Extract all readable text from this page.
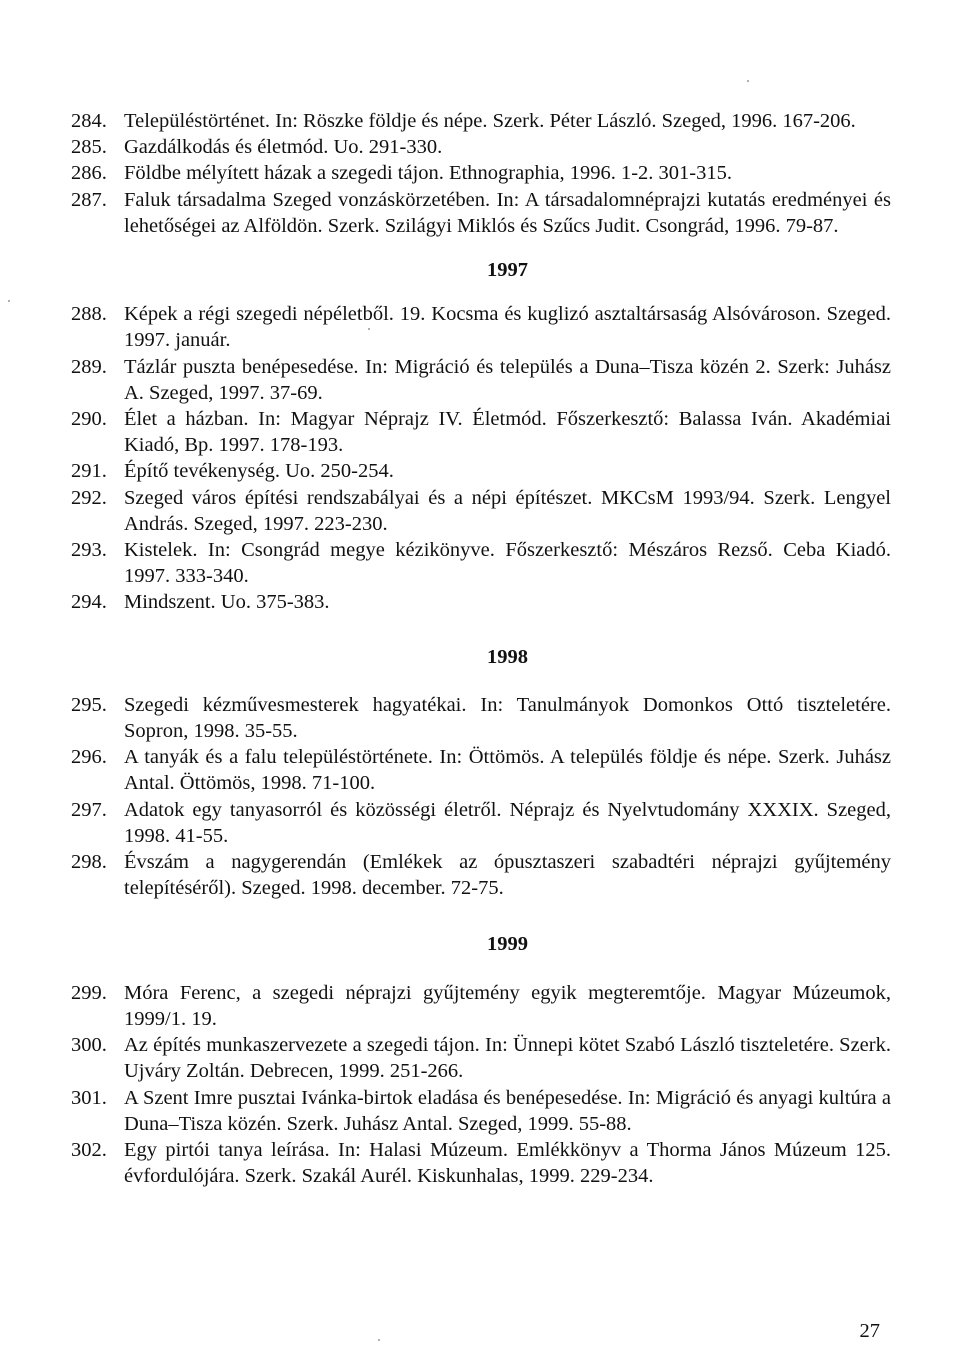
284. Településtörténet. In: Röszke földje és népe. Szerk. Péter László. Szeged, 1996. 167-206.
285. Gazdálkodás és életmód. Uo. 291-330.
286. Földbe mélyített házak a szegedi tájon. Ethnographia, 1996. 1-2. 301-315.
287. Faluk társadalma Szeged vonzáskörzetében. In: A társadalomnéprajzi kutatás eredményei és lehetőségei az Alföldön. Szerk. Szilágyi Miklós és Szűcs Judit. Csongrád, 1996. 79-87.
1997
288. Képek a régi szegedi népéletből. 19. Kocsma és kuglizó asztaltársaság Alsóvároson. Szeged. 1997. január.
289. Tázlár puszta benépesedése. In: Migráció és település a Duna–Tisza közén 2. Szerk: Juhász A. Szeged, 1997. 37-69.
290. Élet a házban. In: Magyar Néprajz IV. Életmód. Főszerkesztő: Balassa Iván. Akadémiai Kiadó, Bp. 1997. 178-193.
291. Építő tevékenység. Uo. 250-254.
292. Szeged város építési rendszabályai és a népi építészet. MKCsM 1993/94. Szerk. Lengyel András. Szeged, 1997. 223-230.
293. Kistelek. In: Csongrád megye kézikönyve. Főszerkesztő: Mészáros Rezső. Ceba Kiadó. 1997. 333-340.
294. Mindszent. Uo. 375-383.
1998
295. Szegedi kézművesmesterek hagyatékai. In: Tanulmányok Domonkos Ottó tiszteletére. Sopron, 1998. 35-55.
296. A tanyák és a falu településtörténete. In: Öttömös. A település földje és népe. Szerk. Juhász Antal. Öttömös, 1998. 71-100.
297. Adatok egy tanyasorról és közösségi életről. Néprajz és Nyelvtudomány XXXIX. Szeged, 1998. 41-55.
298. Évszám a nagygerendán (Emlékek az ópusztaszeri szabadtéri néprajzi gyűjtemény telepítéséről). Szeged. 1998. december. 72-75.
1999
299. Móra Ferenc, a szegedi néprajzi gyűjtemény egyik megteremtője. Magyar Múzeumok, 1999/1. 19.
300. Az építés munkaszervezete a szegedi tájon. In: Ünnepi kötet Szabó László tiszteletére. Szerk. Ujváry Zoltán. Debrecen, 1999. 251-266.
301. A Szent Imre pusztai Ivánka-birtok eladása és benépesedése. In: Migráció és anyagi kultúra a Duna–Tisza közén. Szerk. Juhász Antal. Szeged, 1999. 55-88.
302. Egy pirtói tanya leírása. In: Halasi Múzeum. Emlékkönyv a Thorma János Múzeum 125. évfordulójára. Szerk. Szakál Aurél. Kiskunhalas, 1999. 229-234.
27
